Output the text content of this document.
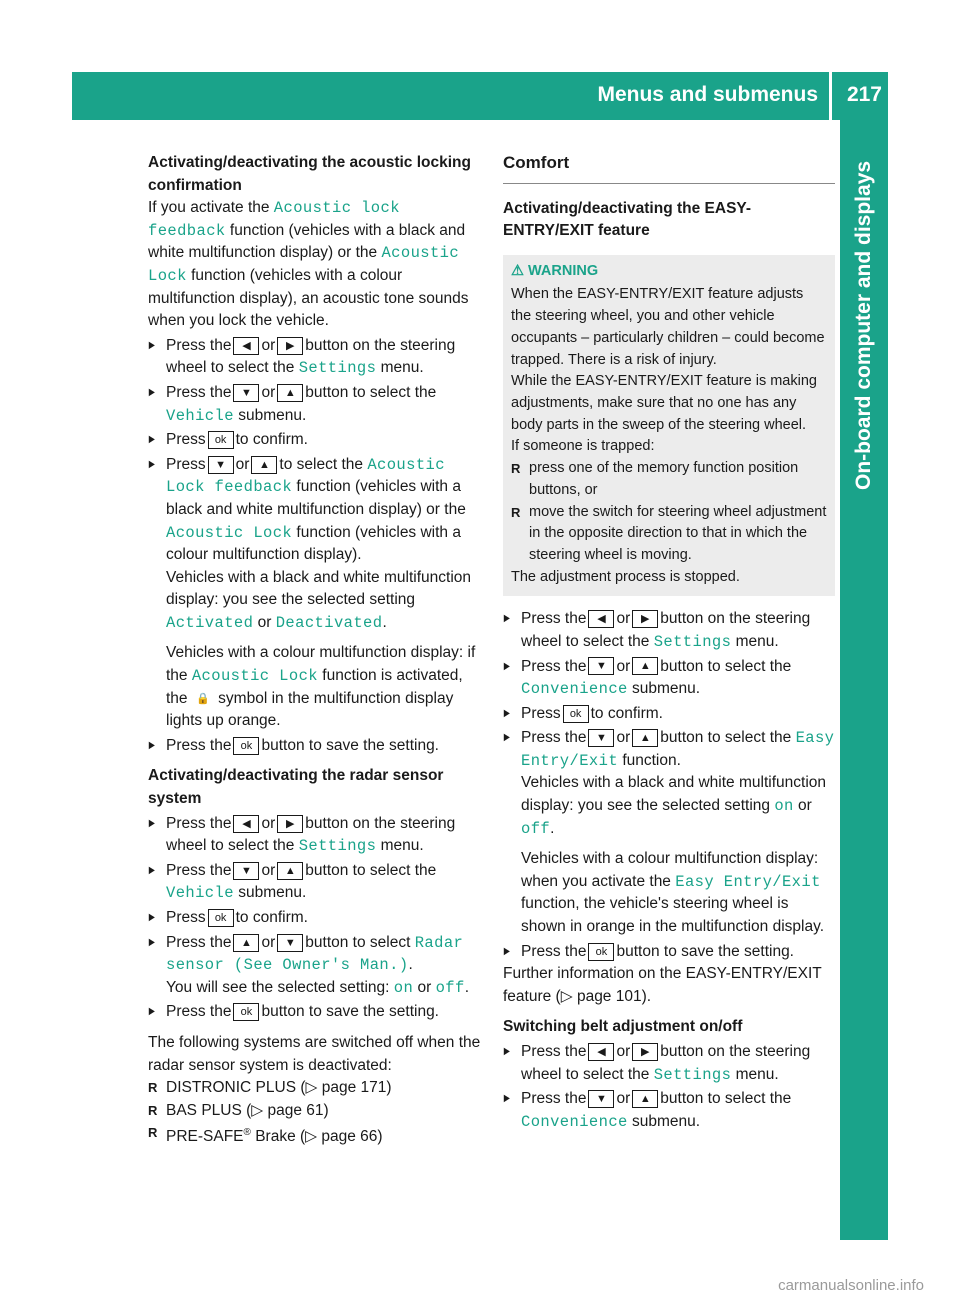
Menus and submenus 217
On-board computer and displays

Activating/deactivating the acoustic locking confirmation

If you activate the Acoustic lock feedback function (vehicles with a black and white multifunction display) or the Acoustic Lock function (vehicles with a colour multifunction display), an acoustic tone sounds when you lock the vehicle.

▶ Press the ◀ or ▶ button on the steering wheel to select the Settings menu.
▶ Press the ▼ or ▲ button to select the Vehicle submenu.
▶ Press ok to confirm.
▶ Press ▼ or ▲ to select the Acoustic Lock feedback function (vehicles with a black and white multifunction display) or the Acoustic Lock function (vehicles with a colour multifunction display).

Vehicles with a black and white multifunction display: you see the selected setting Activated or Deactivated.

Vehicles with a colour multifunction display: if the Acoustic Lock function is activated, the 🔒 symbol in the multifunction display lights up orange.

▶ Press the ok button to save the setting.

Activating/deactivating the radar sensor system

▶ Press the ◀ or ▶ button on the steering wheel to select the Settings menu.
▶ Press the ▼ or ▲ button to select the Vehicle submenu.
▶ Press ok to confirm.
▶ Press the ▲ or ▼ button to select Radar sensor (See Owner's Man.).
You will see the selected setting: on or off.
▶ Press the ok button to save the setting.

The following systems are switched off when the radar sensor system is deactivated:

R DISTRONIC PLUS (▷ page 171)
R BAS PLUS (▷ page 61)
R PRE-SAFE® Brake (▷ page 66)

Comfort

Activating/deactivating the EASY-ENTRY/EXIT feature

⚠ WARNING

When the EASY-ENTRY/EXIT feature adjusts the steering wheel, you and other vehicle occupants – particularly children – could become trapped. There is a risk of injury.

While the EASY-ENTRY/EXIT feature is making adjustments, make sure that no one has any body parts in the sweep of the steering wheel.

If someone is trapped:

R press one of the memory function position buttons, or
R move the switch for steering wheel adjustment in the opposite direction to that in which the steering wheel is moving.

The adjustment process is stopped.

▶ Press the ◀ or ▶ button on the steering wheel to select the Settings menu.
▶ Press the ▼ or ▲ button to select the Convenience submenu.
▶ Press ok to confirm.
▶ Press the ▼ or ▲ button to select the Easy Entry/Exit function.

Vehicles with a black and white multifunction display: you see the selected setting on or off.

Vehicles with a colour multifunction display: when you activate the Easy Entry/Exit function, the vehicle's steering wheel is shown in orange in the multifunction display.

▶ Press the ok button to save the setting.

Further information on the EASY-ENTRY/EXIT feature (▷ page 101).

Switching belt adjustment on/off

▶ Press the ◀ or ▶ button on the steering wheel to select the Settings menu.
▶ Press the ▼ or ▲ button to select the Convenience submenu.
carmanualsonline.info
